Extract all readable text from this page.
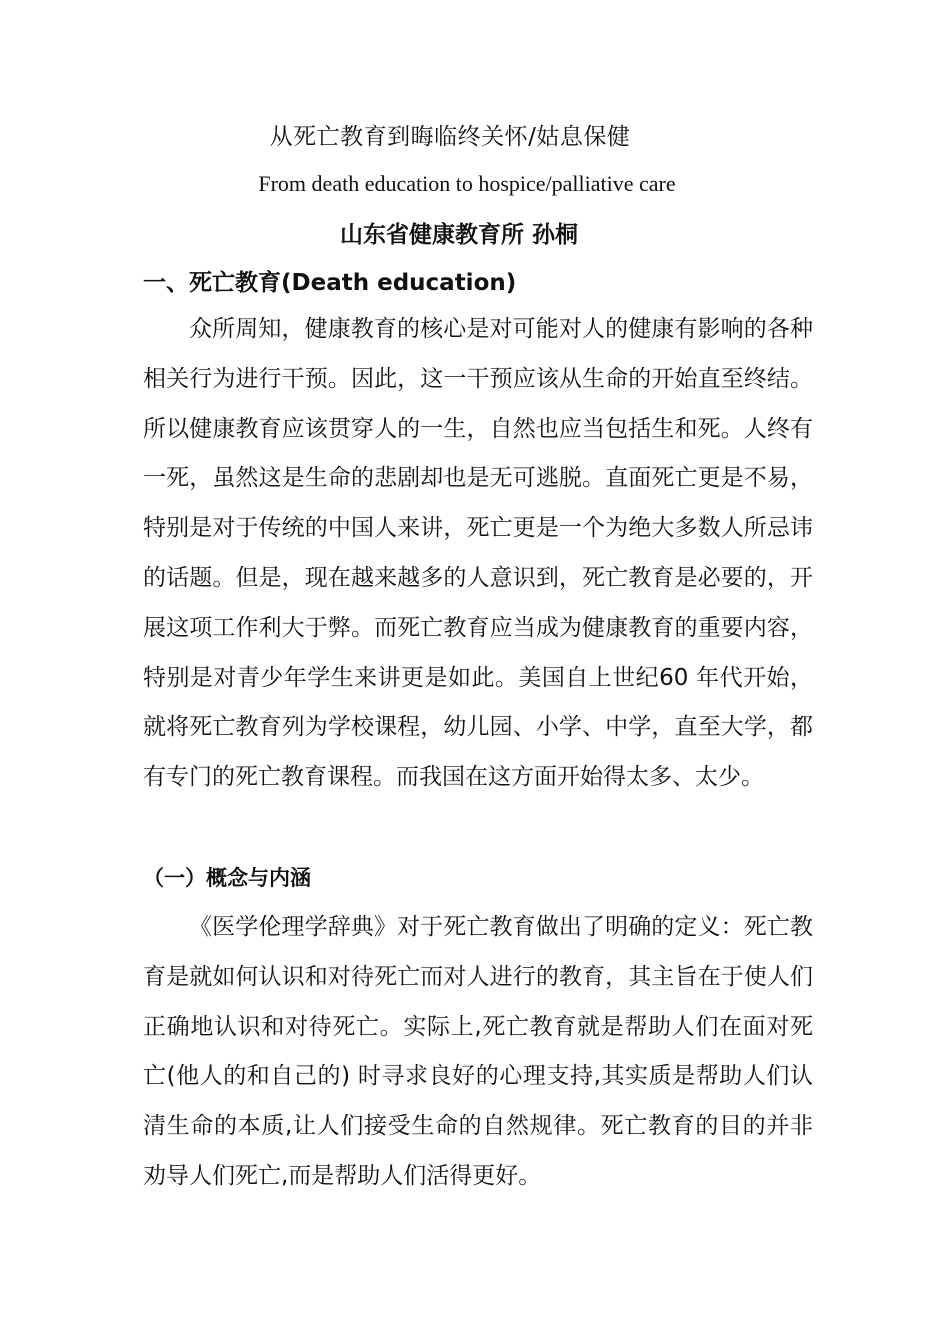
从死亡教育到晦临终关怀/姑息保健
From death education to hospice/palliative care
山东省健康教育所 孙桐
一、死亡教育(Death education)

众所周知，健康教育的核心是对可能对人的健康有影响的各种相关行为进行干预。因此，这一干预应该从生命的开始直至终结。所以健康教育应该贯穿人的一生，自然也应当包括生和死。人终有一死，虽然这是生命的悲剧却也是无可逃脱。直面死亡更是不易，特别是对于传统的中国人来讲，死亡更是一个为绝大多数人所忌讳的话题。但是，现在越来越多的人意识到，死亡教育是必要的，开展这项工作利大于弊。而死亡教育应当成为健康教育的重要内容，特别是对青少年学生来讲更是如此。美国自上世纪60 年代开始，就将死亡教育列为学校课程，幼儿园、小学、中学，直至大学，都有专门的死亡教育课程。而我国在这方面开始得太多、太少。

（一）概念与内涵

《医学伦理学辞典》对于死亡教育做出了明确的定义：死亡教育是就如何认识和对待死亡而对人进行的教育，其主旨在于使人们正确地认识和对待死亡。实际上,死亡教育就是帮助人们在面对死亡(他人的和自己的) 时寻求良好的心理支持,其实质是帮助人们认清生命的本质,让人们接受生命的自然规律。死亡教育的目的并非劝导人们死亡,而是帮助人们活得更好。
